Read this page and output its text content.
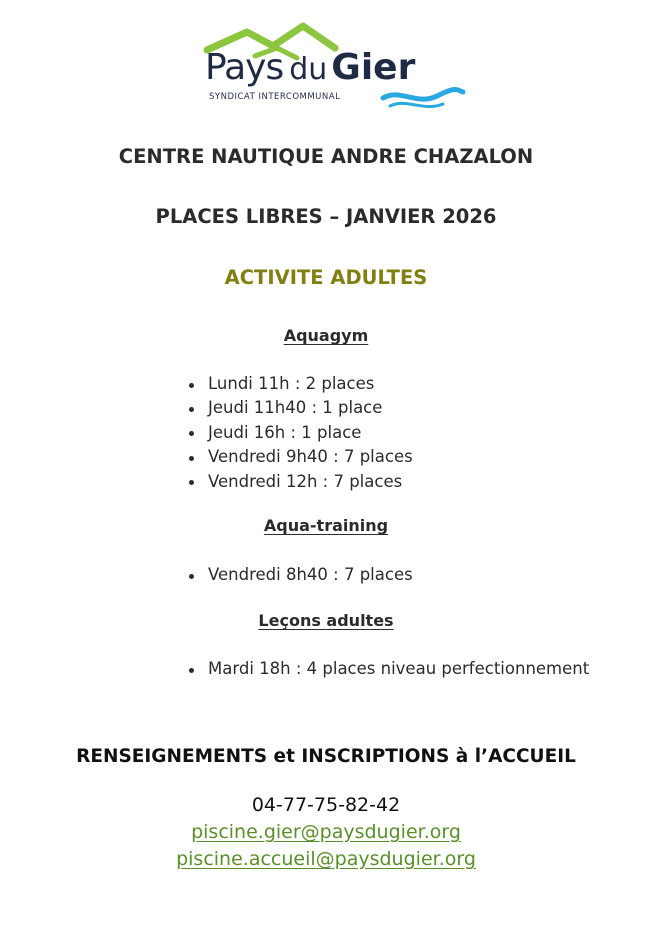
Pays du Gier
SYNDICAT INTERCOMMUNAL
CENTRE NAUTIQUE ANDRE CHAZALON
PLACES LIBRES – JANVIER 2026
ACTIVITE ADULTES
Aquagym
Lundi 11h : 2 places
Jeudi 11h40 : 1 place
Jeudi 16h : 1 place
Vendredi 9h40 : 7 places
Vendredi 12h : 7 places
Aqua-training
Vendredi 8h40 : 7 places
Leçons adultes
Mardi 18h : 4 places niveau perfectionnement
RENSEIGNEMENTS et INSCRIPTIONS à l’ACCUEIL
04-77-75-82-42
piscine.gier@paysdugier.org
piscine.accueil@paysdugier.org
